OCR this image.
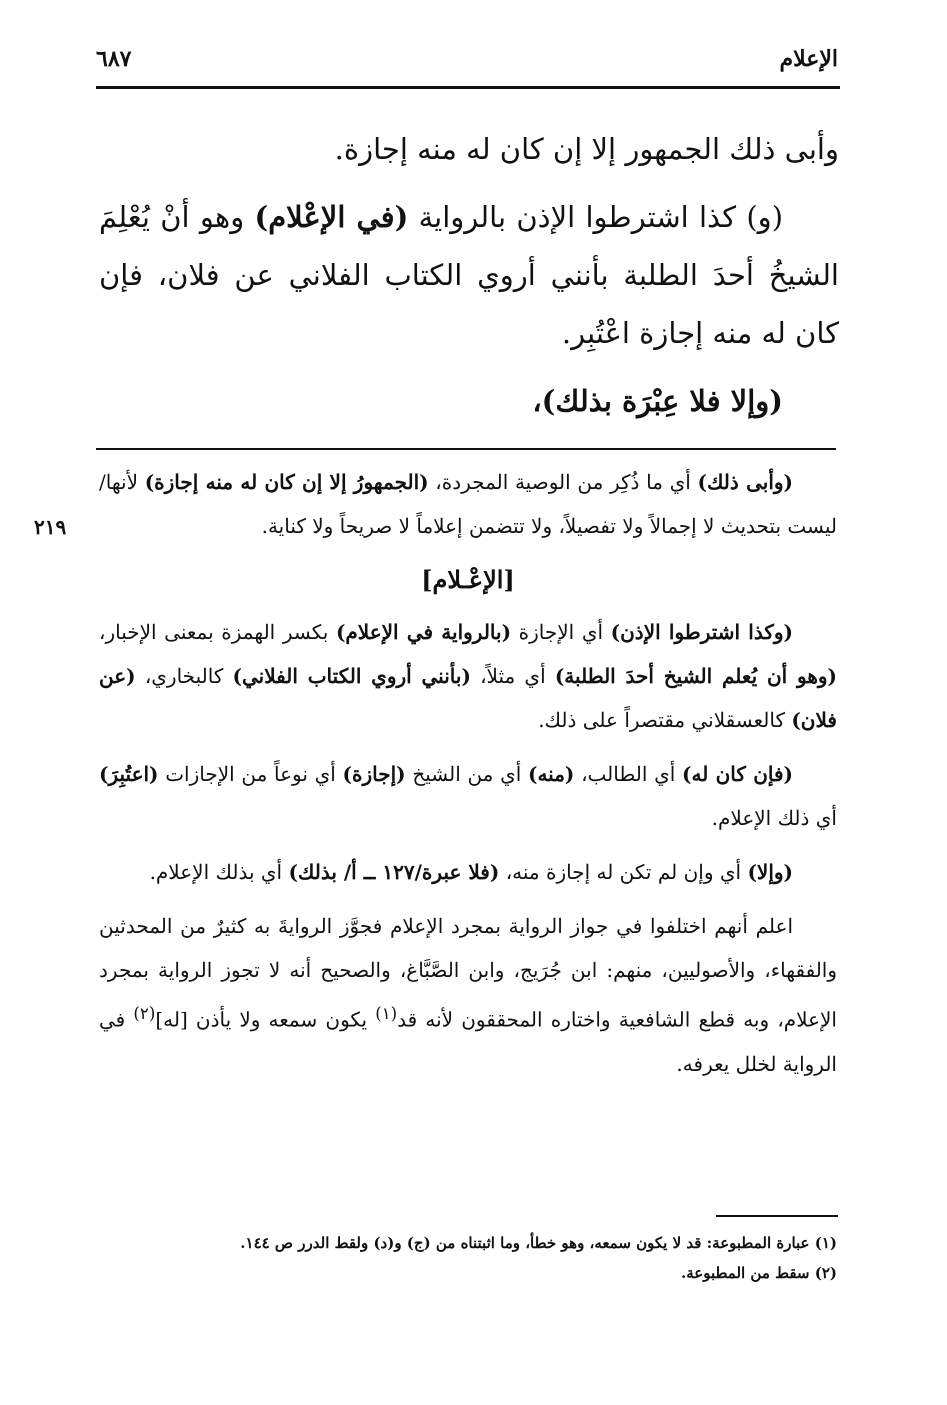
الإعلام
٦٨٧

وأبى ذلك الجمهور إلا إن كان له منه إجازة.

(و) كذا اشترطوا الإذن بالرواية (في الإعْلام) وهو أنْ يُعْلِمَ الشيخُ أحدَ الطلبة بأنني أروي الكتاب الفلاني عن فلان، فإن كان له منه إجازة اعْتُبِر.

(وإلا فلا عِبْرَة بذلك)،

٢١٩

(وأبى ذلك) أي ما ذُكِر من الوصية المجردة، (الجمهورُ إلا إن كان له منه إجازة) لأنها/ ليست بتحديث لا إجمالاً ولا تفصيلاً، ولا تتضمن إعلاماً لا صريحاً ولا كناية.

[الإعْـلام]

(وكذا اشترطوا الإذن) أي الإجازة (بالرواية في الإعلام) بكسر الهمزة بمعنى الإخبار، (وهو أن يُعلم الشيخ أحدَ الطلبة) أي مثلاً، (بأنني أروي الكتاب الفلاني) كالبخاري، (عن فلان) كالعسقلاني مقتصراً على ذلك.

(فإن كان له) أي الطالب، (منه) أي من الشيخ (إجازة) أي نوعاً من الإجازات (اعتُبِرَ) أي ذلك الإعلام.

(وإلا) أي وإن لم تكن له إجازة منه، (فلا عبرة/١٢٧ ــ أ/ بذلك) أي بذلك الإعلام.

اعلم أنهم اختلفوا في جواز الرواية بمجرد الإعلام فجوَّز الروايةَ به كثيرٌ من المحدثين والفقهاء، والأصوليين، منهم: ابن جُرَيج، وابن الصَّبَّاغ، والصحيح أنه لا تجوز الرواية بمجرد الإعلام، وبه قطع الشافعية واختاره المحققون لأنه قد$^{(١)}$ يكون سمعه ولا يأذن [له]$^{(٢)}$ في الرواية لخلل يعرفه.

(١) عبارة المطبوعة: قد لا يكون سمعه، وهو خطأ، وما اثبتناه من (ج) و(د) ولقط الدرر ص ١٤٤.
(٢) سقط من المطبوعة.
